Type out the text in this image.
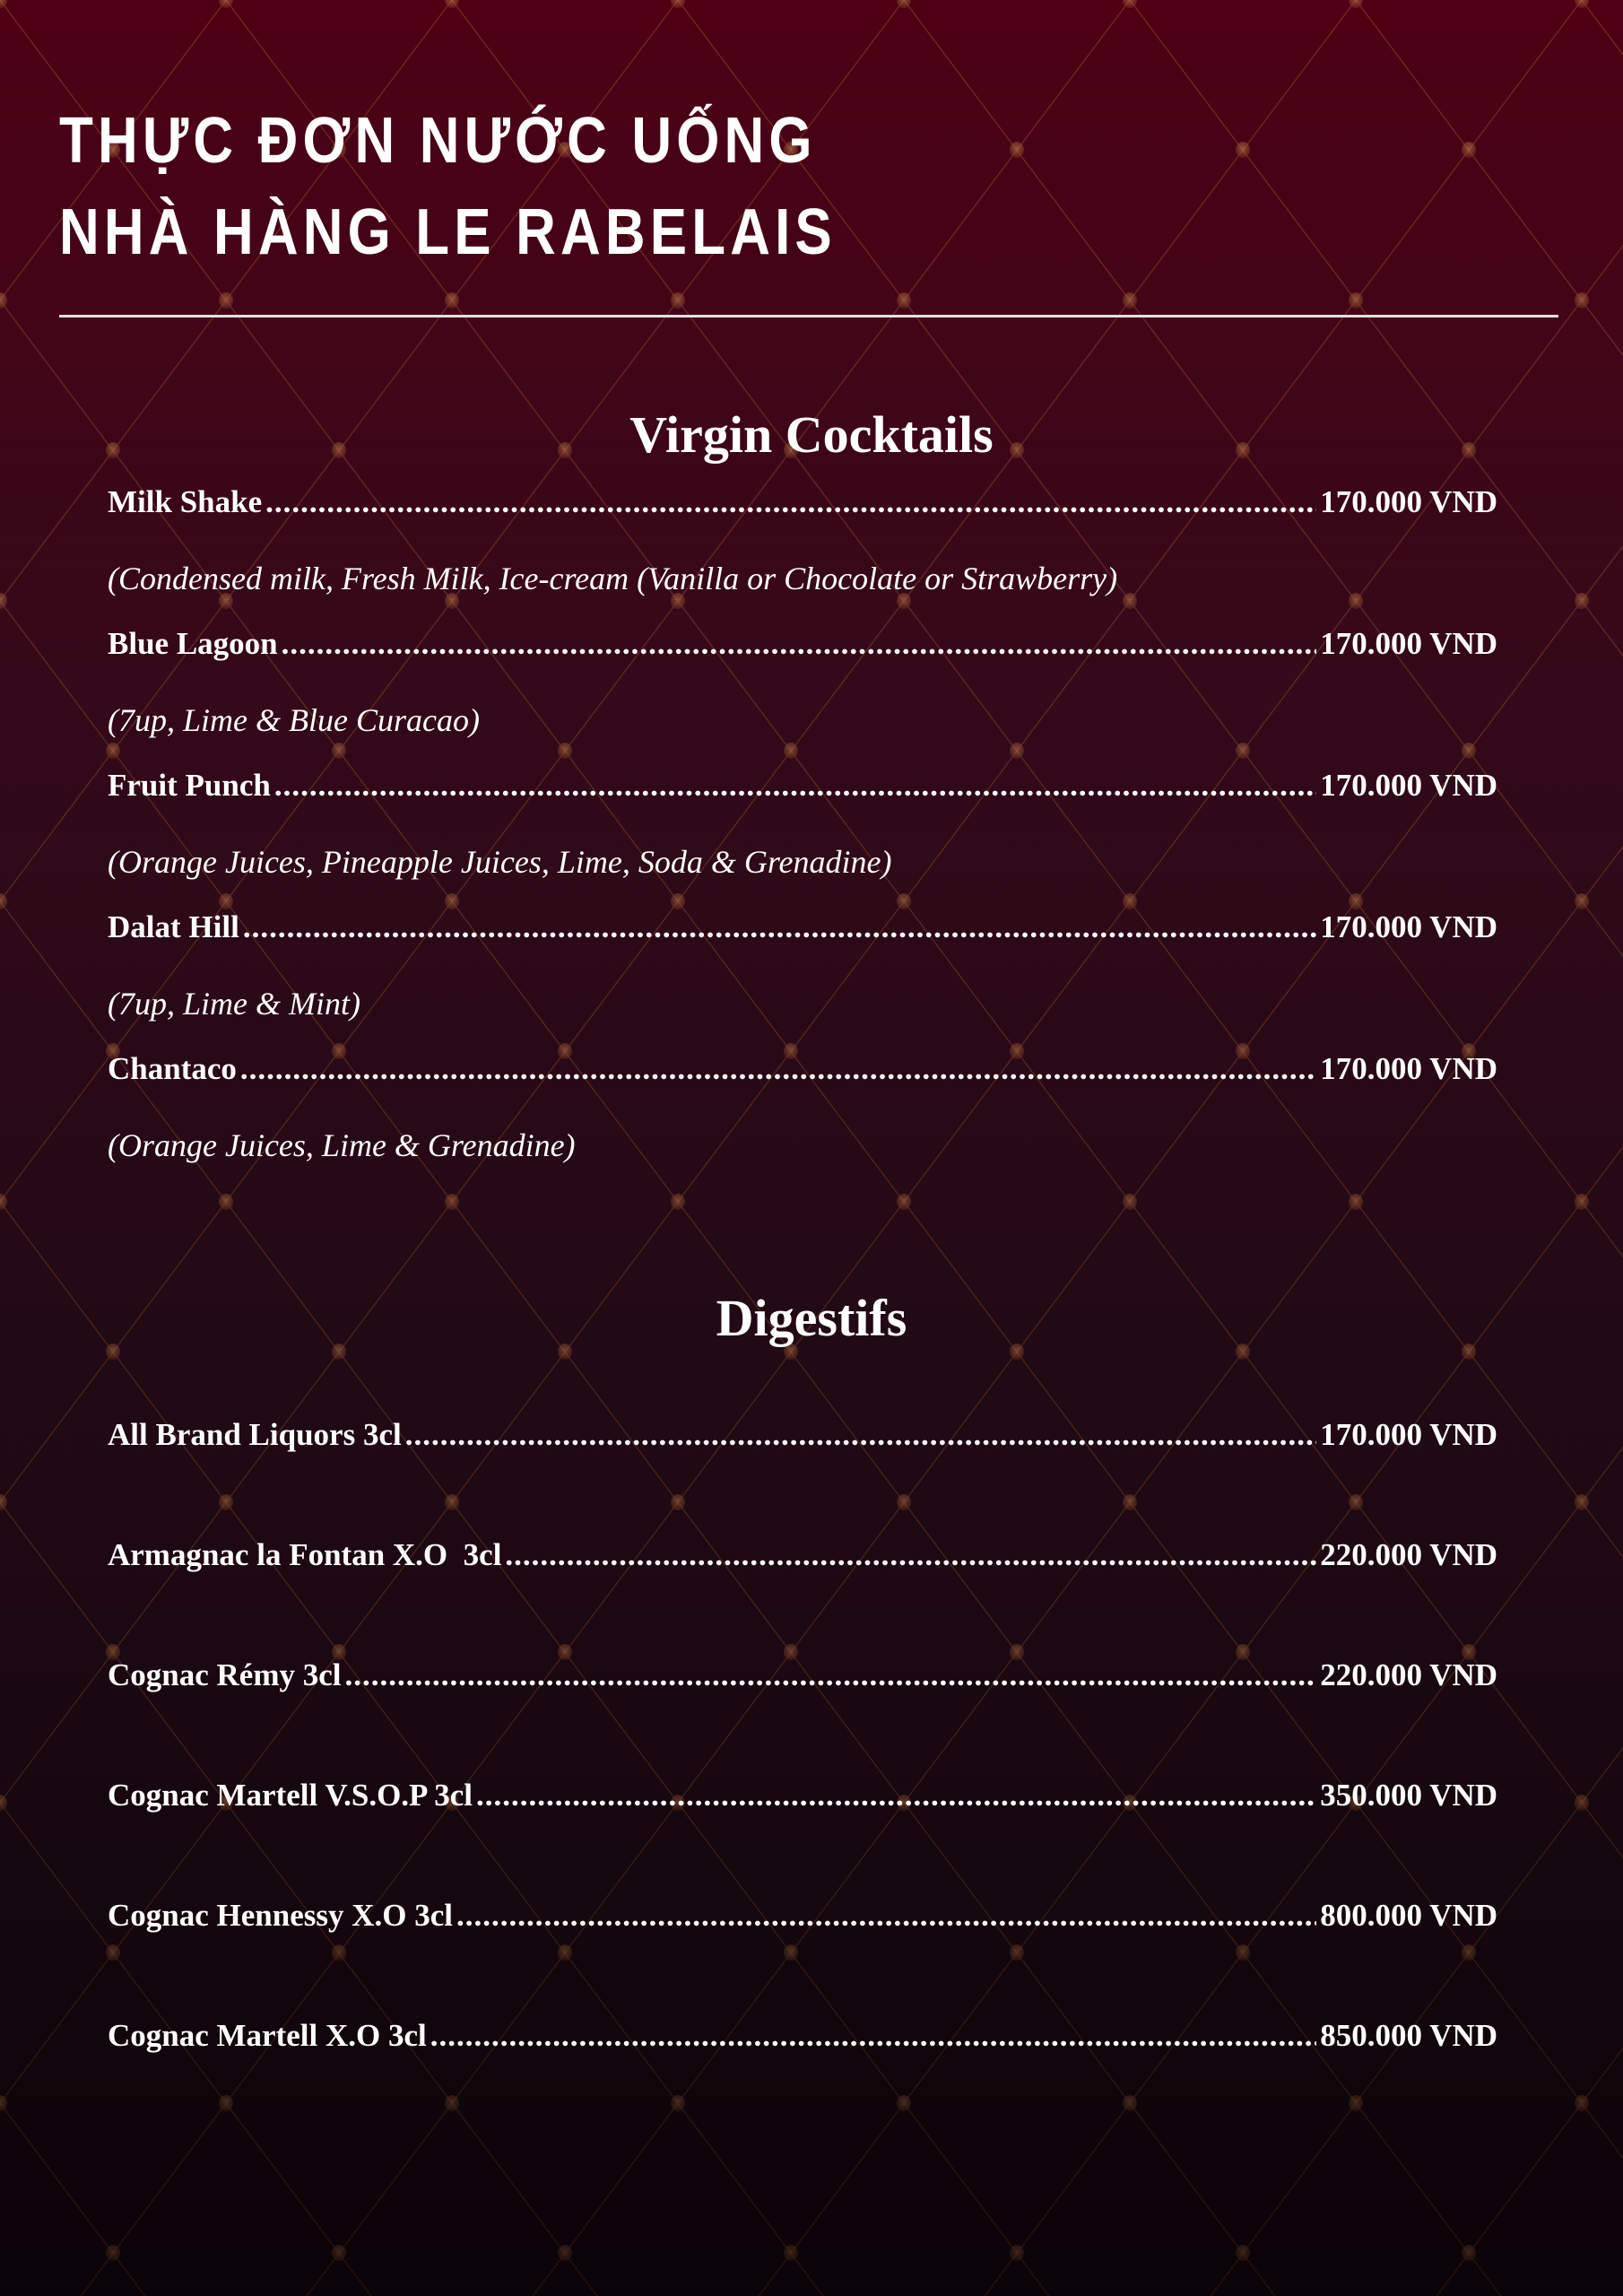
THỰC ĐƠN NƯỚC UỐNG
NHÀ HÀNG LE RABELAIS
Virgin Cocktails
Milk Shake .....	170.000 VND
(Condensed milk, Fresh Milk, Ice-cream (Vanilla or Chocolate or Strawberry)
Blue Lagoon .....	170.000 VND
(7up, Lime & Blue Curacao)
Fruit Punch .....	170.000 VND
(Orange Juices, Pineapple Juices, Lime, Soda & Grenadine)
Dalat Hill .....	170.000 VND
(7up, Lime & Mint)
Chantaco .....	170.000 VND
(Orange Juices, Lime & Grenadine)
Digestifs
All Brand Liquors 3cl .....	170.000 VND
Armagnac la Fontan X.O  3cl .....	220.000 VND
Cognac Rémy 3cl .....	220.000 VND
Cognac Martell V.S.O.P 3cl .....	350.000 VND
Cognac Hennessy X.O 3cl .....	800.000 VND
Cognac Martell X.O 3cl .....	850.000 VND
